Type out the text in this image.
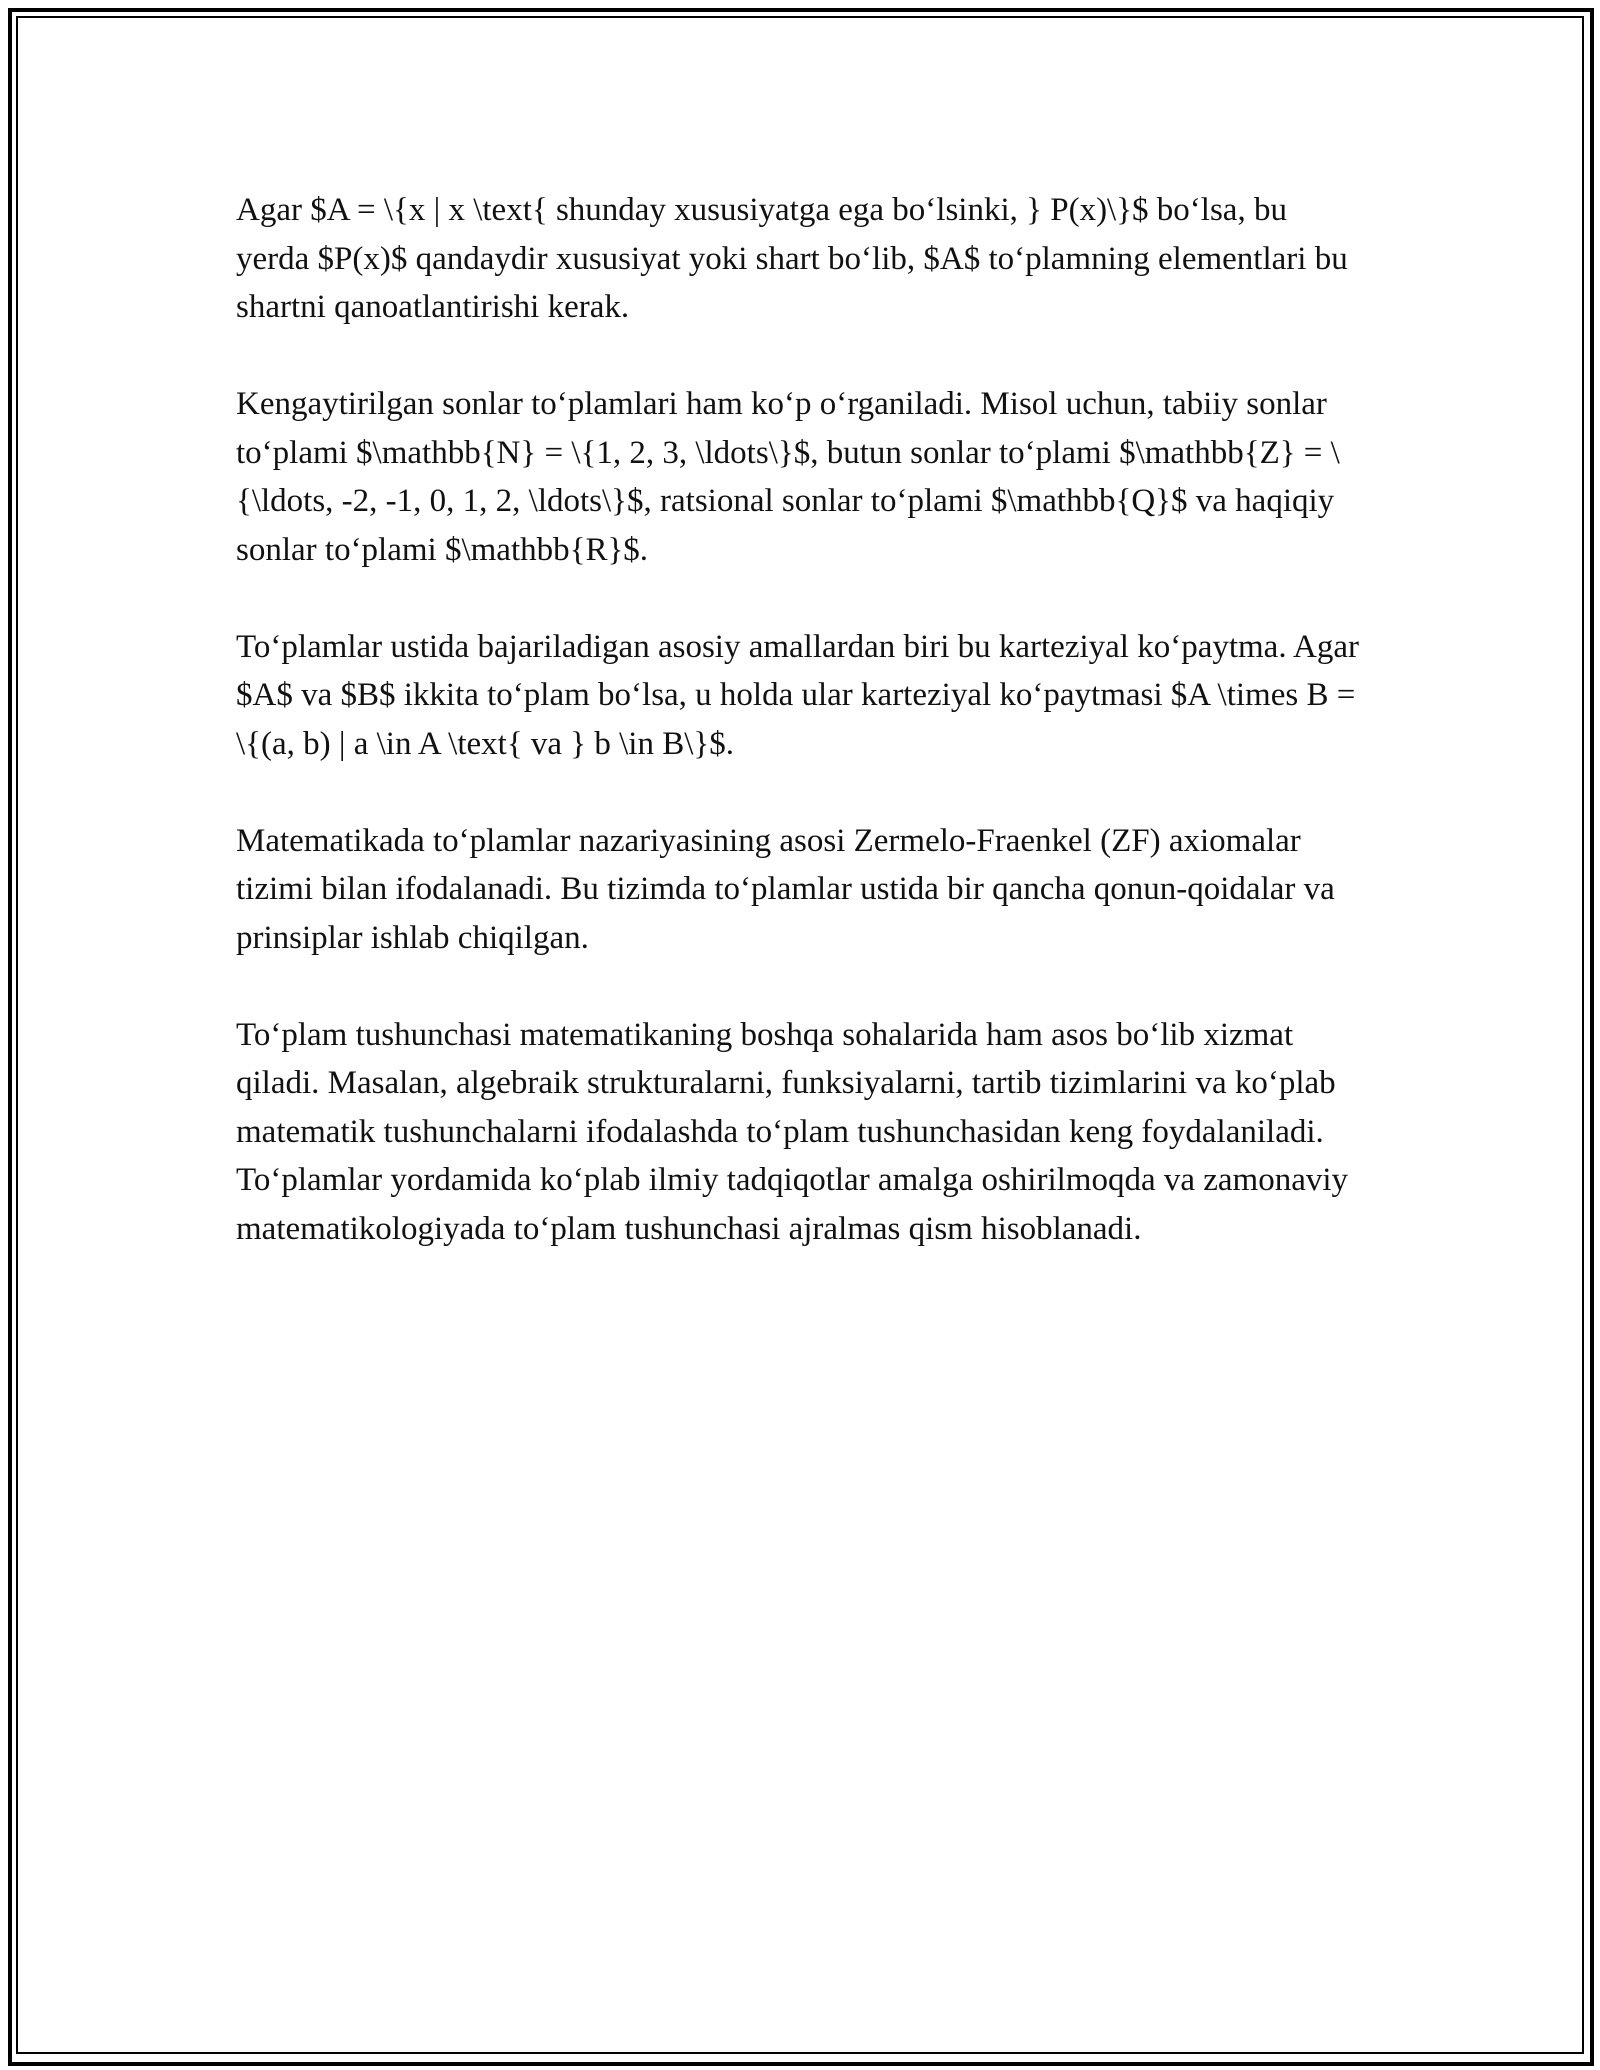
Agar $A = \{x | x \text{ shunday xususiyatga ega bo‘lsinki, } P(x)\}$ bo‘lsa, bu yerda $P(x)$ qandaydir xususiyat yoki shart bo‘lib, $A$ to‘plamning elementlari bu shartni qanoatlantirishi kerak.

Kengaytirilgan sonlar to‘plamlari ham ko‘p o‘rganiladi. Misol uchun, tabiiy sonlar to‘plami $\mathbb{N} = \{1, 2, 3, \ldots\}$, butun sonlar to‘plami $\mathbb{Z} = \{\ldots, -2, -1, 0, 1, 2, \ldots\}$, ratsional sonlar to‘plami $\mathbb{Q}$ va haqiqiy sonlar to‘plami $\mathbb{R}$.

To‘plamlar ustida bajariladigan asosiy amallardan biri bu karteziyal ko‘paytma. Agar $A$ va $B$ ikkita to‘plam bo‘lsa, u holda ular karteziyal ko‘paytmasi $A \times B = \{(a, b) | a \in A \text{ va } b \in B\}$.

Matematikada to‘plamlar nazariyasining asosi Zermelo-Fraenkel (ZF) axiomalar tizimi bilan ifodalanadi. Bu tizimda to‘plamlar ustida bir qancha qonun-qoidalar va prinsiplar ishlab chiqilgan.

To‘plam tushunchasi matematikaning boshqa sohalarida ham asos bo‘lib xizmat qiladi. Masalan, algebraik strukturalarni, funksiyalarni, tartib tizimlarini va ko‘plab matematik tushunchalarni ifodalashda to‘plam tushunchasidan keng foydalaniladi. To‘plamlar yordamida ko‘plab ilmiy tadqiqotlar amalga oshirilmoqda va zamonaviy matematikologiyada to‘plam tushunchasi ajralmas qism hisoblanadi.
